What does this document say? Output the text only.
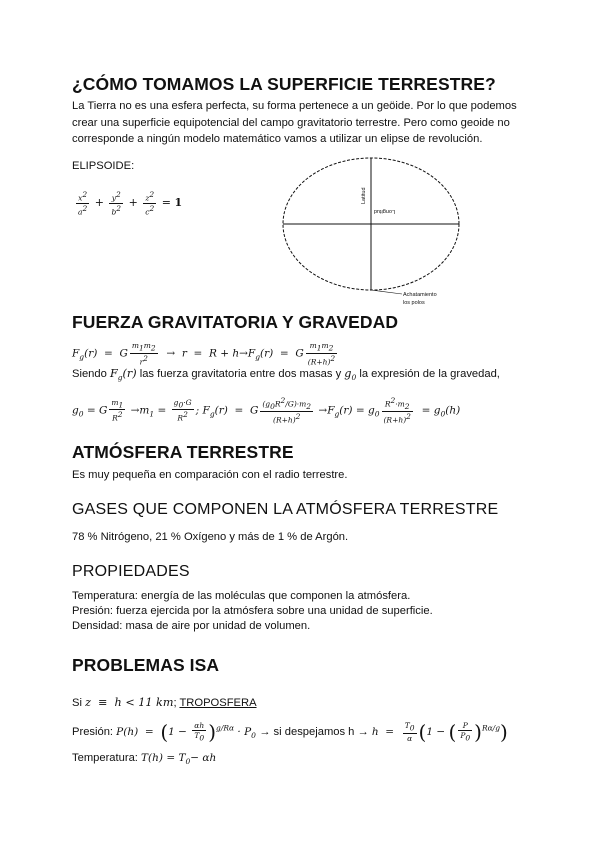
¿CÓMO TOMAMOS LA SUPERFICIE TERRESTRE?

La Tierra no es una esfera perfecta, su forma pertenece a un geöide. Por lo que podemos crear una superficie equipotencial del campo gravitatorio terrestre. Pero como geoide no corresponde a ningún modelo matemático vamos a utilizar un elipse de revolución.

ELIPSOIDE:

$\frac{x^2}{a^2} + \frac{y^2}{b^2} + \frac{z^2}{c^2} = 1$	Latitud
Longitud
Achatamiento
los polos
FUERZA GRAVITATORIA Y GRAVEDAD
$F_g(r) = G \frac{m_1m_2}{r^2} \to r = R + h\to F_g(r) = G \frac{m_1m_2}{(R+h)^2}$

Siendo $F_g(r)$ las fuerza gravitatoria entre dos masas y $g_0$ la expresión de la gravedad,

$g_0 = G \frac{m_1}{R^2} \to m_1 = \frac{g_0\cdot G}{R^2}$ ; $F_g(r) = G \frac{(g_0R^2/G)\cdot m_2}{(R+h)^2} \to F_g(r) = g_0 \frac{R^2\cdot m_2}{(R+h)^2} = g_0(h)$
ATMÓSFERA TERRESTRE

Es muy pequeña en comparación con el radio terrestre.

GASES QUE COMPONEN LA ATMÓSFERA TERRESTRE

78 % Nitrógeno, 21 % Oxígeno y más de 1 % de Argón.

PROPIEDADES

Temperatura: energía de las moléculas que componen la atmósfera.

Presión: fuerza ejercida por la atmósfera sobre una unidad de superficie.

Densidad: masa de aire por unidad de volumen.

PROBLEMAS ISA

Si z  ≡  h < 11 km; TROPOSFERA

Presión: $P(h) = (1 - \frac{\alpha h}{T_0} )^{g/R\alpha} \cdot P_0$ → si despejamos $h \to h = \frac{T_0}{\alpha} (1$ − ( $\frac{P}{P_0} )^{R\alpha/g}$)
Temperatura: $T(h) = T_0- \alpha h$
